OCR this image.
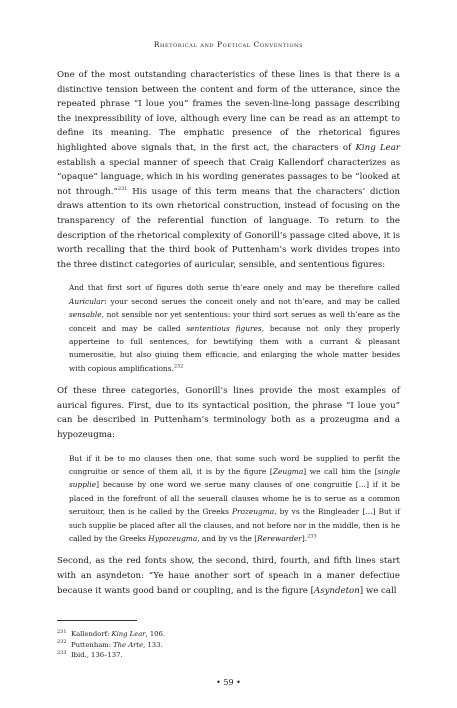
Rhetorical and Poetical Conventions

One of the most outstanding characteristics of these lines is that there is a distinctive tension between the content and form of the utterance, since the repeated phrase “I loue you” frames the seven-line-long passage describing the inexpressibility of love, although every line can be read as an attempt to define its meaning. The emphatic presence of the rhetorical figures highlighted above signals that, in the first act, the characters of King Lear establish a special manner of speech that Craig Kallendorf characterizes as “opaque” language, which in his wording generates passages to be “looked at not through.”$^{231}$ His usage of this term means that the characters’ diction draws attention to its own rhetorical construction, instead of focusing on the transparency of the referential function of language. To return to the description of the rhetorical complexity of Gonorill’s passage cited above, it is worth recalling that the third book of Puttenham’s work divides tropes into the three distinct categories of auricular, sensible, and sententious figures:

And that first sort of figures doth serue th’eare onely and may be therefore called Auricular: your second serues the conceit onely and not th’eare, and may be called sensable, not sensible nor yet sententious: your third sort serues as well th’eare as the conceit and may be called sententious figures, because not only they properly apperteine to full sentences, for bewtifying them with a currant & pleasant numerositie, but also giuing them efficacie, and enlarging the whole matter besides with copious amplifications.$^{232}$

Of these three categories, Gonorill’s lines provide the most examples of aurical figures. First, due to its syntactical position, the phrase “I loue you” can be described in Puttenham’s terminology both as a prozeugma and a hypozeugma:

But if it be to mo clauses then one, that some such word be supplied to perfit the congruitie or sence of them all, it is by the figure [Zeugma] we call him the [single supplie] because by one word we serue many clauses of one congruitie […] if it be placed in the forefront of all the seuerall clauses whome he is to serue as a common seruitour, then is he called by the Greeks Prozeugma, by vs the Ringleader […] But if such supplie be placed after all the clauses, and not before nor in the middle, then is he called by the Greeks Hypozeugma, and by vs the [Rerewarder].$^{233}$

Second, as the red fonts show, the second, third, fourth, and fifth lines start with an asyndeton: “Ye haue another sort of speach in a maner defectiue because it wants good band or coupling, and is the figure [Asyndeton] we call

231 Kallendorf: King Lear, 106.
232 Puttenham: The Arte, 133.
233 Ibid., 136–137.
• 59 •
